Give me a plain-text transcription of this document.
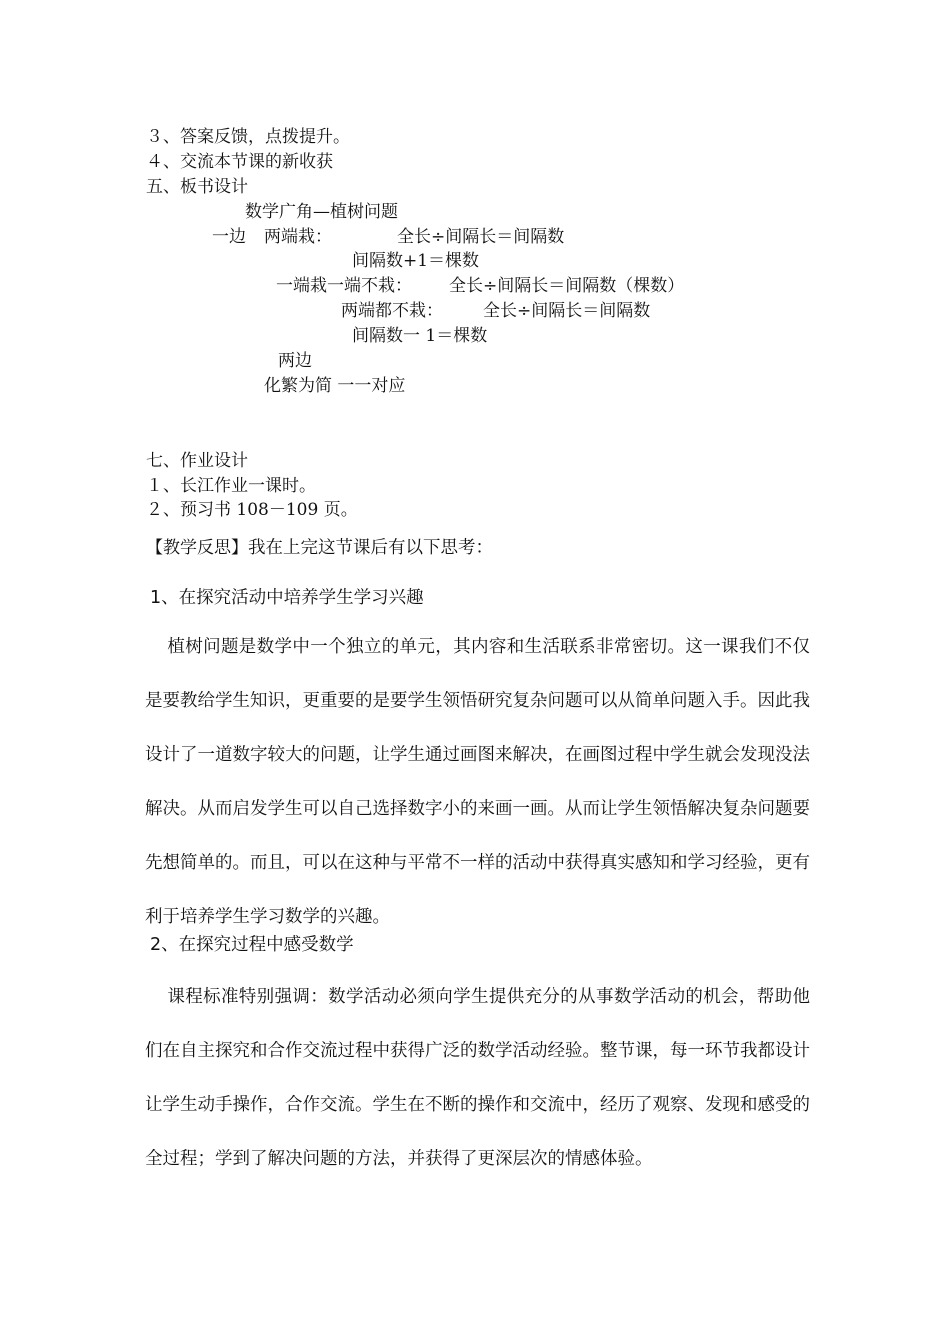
３、答案反馈，点拨提升。
４、交流本节课的新收获
五、板书设计
数学广角—植树问题
一边 两端栽：	全长÷间隔长＝间隔数
间隔数+1＝棵数
一端栽一端不栽： 全长÷间隔长＝间隔数（棵数）
两端都不栽： 全长÷间隔长＝间隔数
间隔数一 1＝棵数
两边
化繁为简 一一对应
七、作业设计
１、长江作业一课时。
２、预习书 108－109 页。
【教学反思】我在上完这节课后有以下思考：
1、在探究活动中培养学生学习兴趣
植树问题是数学中一个独立的单元，其内容和生活联系非常密切。这一课我们不仅是要教给学生知识，更重要的是要学生领悟研究复杂问题可以从简单问题入手。因此我设计了一道数字较大的问题，让学生通过画图来解决，在画图过程中学生就会发现没法解决。从而启发学生可以自己选择数字小的来画一画。从而让学生领悟解决复杂问题要先想简单的。而且，可以在这种与平常不一样的活动中获得真实感知和学习经验，更有利于培养学生学习数学的兴趣。
2、在探究过程中感受数学
课程标准特别强调：数学活动必须向学生提供充分的从事数学活动的机会，帮助他们在自主探究和合作交流过程中获得广泛的数学活动经验。整节课，每一环节我都设计让学生动手操作，合作交流。学生在不断的操作和交流中，经历了观察、发现和感受的全过程；学到了解决问题的方法，并获得了更深层次的情感体验。
